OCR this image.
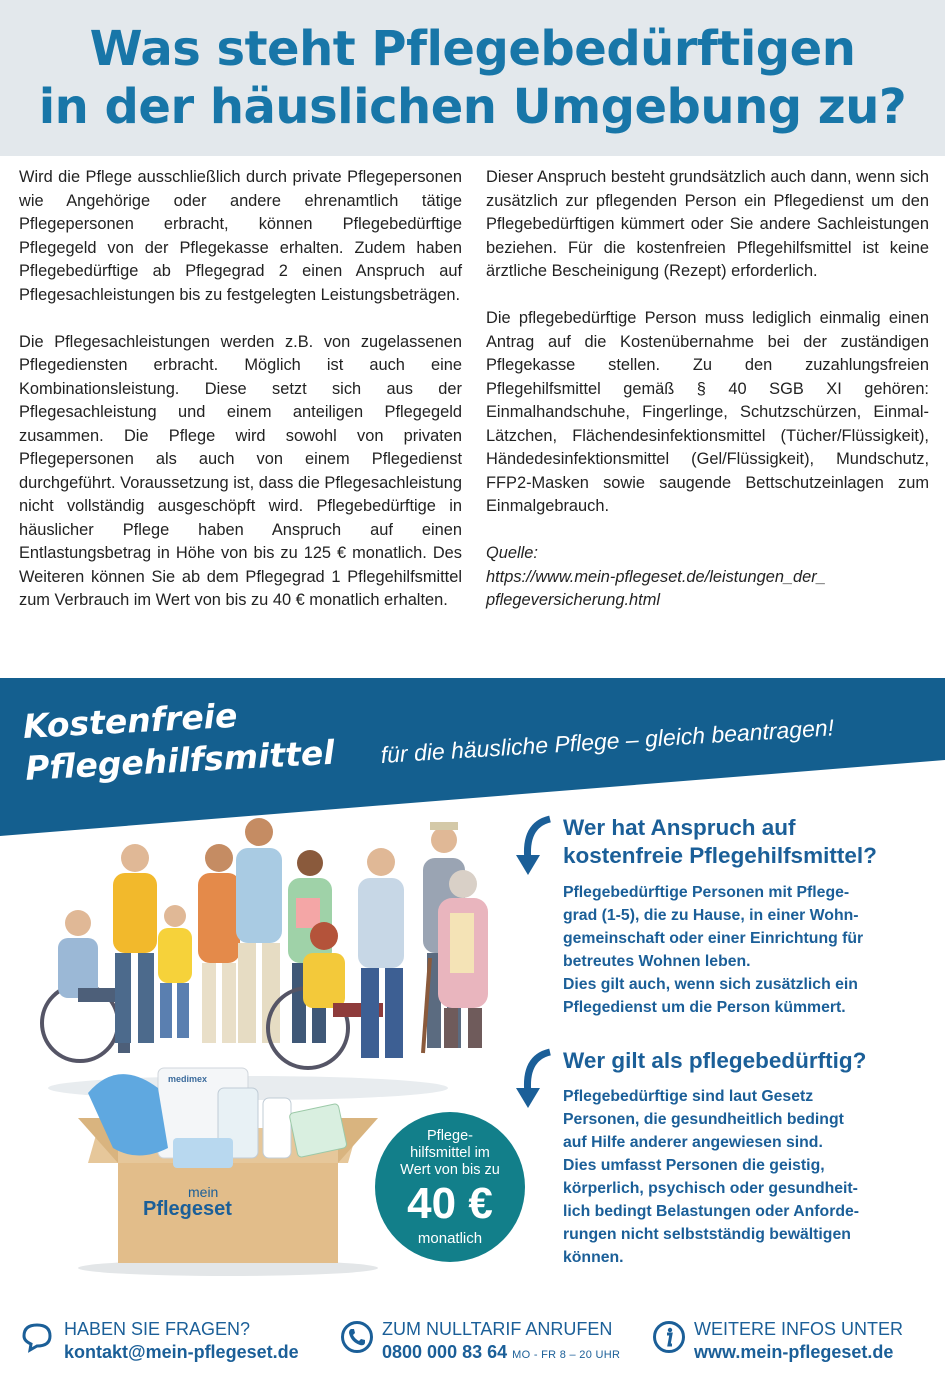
Was steht Pflegebedürftigen
in der häuslichen Umgebung zu?

Wird die Pflege ausschließlich durch private Pflegepersonen wie Angehörige oder andere ehrenamtlich tätige Pflegepersonen erbracht, können Pflegebedürftige Pflegegeld von der Pflegekasse erhalten. Zudem haben Pflegebedürftige ab Pflegegrad 2 einen Anspruch auf Pflegesachleistungen bis zu festgelegten Leistungsbeträgen.

Die Pflegesachleistungen werden z.B. von zugelassenen Pflegediensten erbracht. Möglich ist auch eine Kombinationsleistung. Diese setzt sich aus der Pflegesachleistung und einem anteiligen Pflegegeld zusammen. Die Pflege wird sowohl von privaten Pflegepersonen als auch von einem Pflegedienst durchgeführt. Voraussetzung ist, dass die Pflegesachleistung nicht vollständig ausgeschöpft wird. Pflegebedürftige in häuslicher Pflege haben Anspruch auf einen Entlastungsbetrag in Höhe von bis zu 125 € monatlich. Des Weiteren können Sie ab dem Pflegegrad 1 Pflegehilfsmittel zum Verbrauch im Wert von bis zu 40 € monatlich erhalten.

Dieser Anspruch besteht grundsätzlich auch dann, wenn sich zusätzlich zur pflegenden Person ein Pflegedienst um den Pflegebedürftigen kümmert oder Sie andere Sachleistungen beziehen. Für die kostenfreien Pflegehilfsmittel ist keine ärztliche Bescheinigung (Rezept) erforderlich.

Die pflegebedürftige Person muss lediglich einmalig einen Antrag auf die Kostenübernahme bei der zuständigen Pflegekasse stellen. Zu den zuzahlungsfreien Pflegehilfsmittel gemäß § 40 SGB XI gehören: Einmalhandschuhe, Fingerlinge, Schutzschürzen, Einmal-Lätzchen, Flächendesinfektionsmittel (Tücher/Flüssigkeit), Händedesinfektionsmittel (Gel/Flüssigkeit), Mundschutz, FFP2-Masken sowie saugende Bettschutzeinlagen zum Einmalgebrauch.

Quelle:
https://www.mein-pflegeset.de/leistungen_der_
pflegeversicherung.html
Kostenfreie
Pflegehilfsmittel für die häusliche Pflege – gleich beantragen!
medimex
mein
Pflegeset
Pflege-
hilfsmittel im
Wert von bis zu
40 €
monatlich
Wer hat Anspruch auf
kostenfreie Pflegehilfsmittel?
Pflegebedürftige Personen mit Pflege-
grad (1-5), die zu Hause, in einer Wohn-
gemeinschaft oder einer Einrichtung für
betreutes Wohnen leben.
Dies gilt auch, wenn sich zusätzlich ein
Pflegedienst um die Person kümmert.
Wer gilt als pflegebedürftig?
Pflegebedürftige sind laut Gesetz
Personen, die gesundheitlich bedingt
auf Hilfe anderer angewiesen sind.
Dies umfasst Personen die geistig,
körperlich, psychisch oder gesundheit-
lich bedingt Belastungen oder Anforde-
rungen nicht selbstständig bewältigen
können.
HABEN SIE FRAGEN?
kontakt@mein-pflegeset.de
ZUM NULLTARIF ANRUFEN
0800 000 83 64 MO - FR 8 – 20 UHR
WEITERE INFOS UNTER
www.mein-pflegeset.de
